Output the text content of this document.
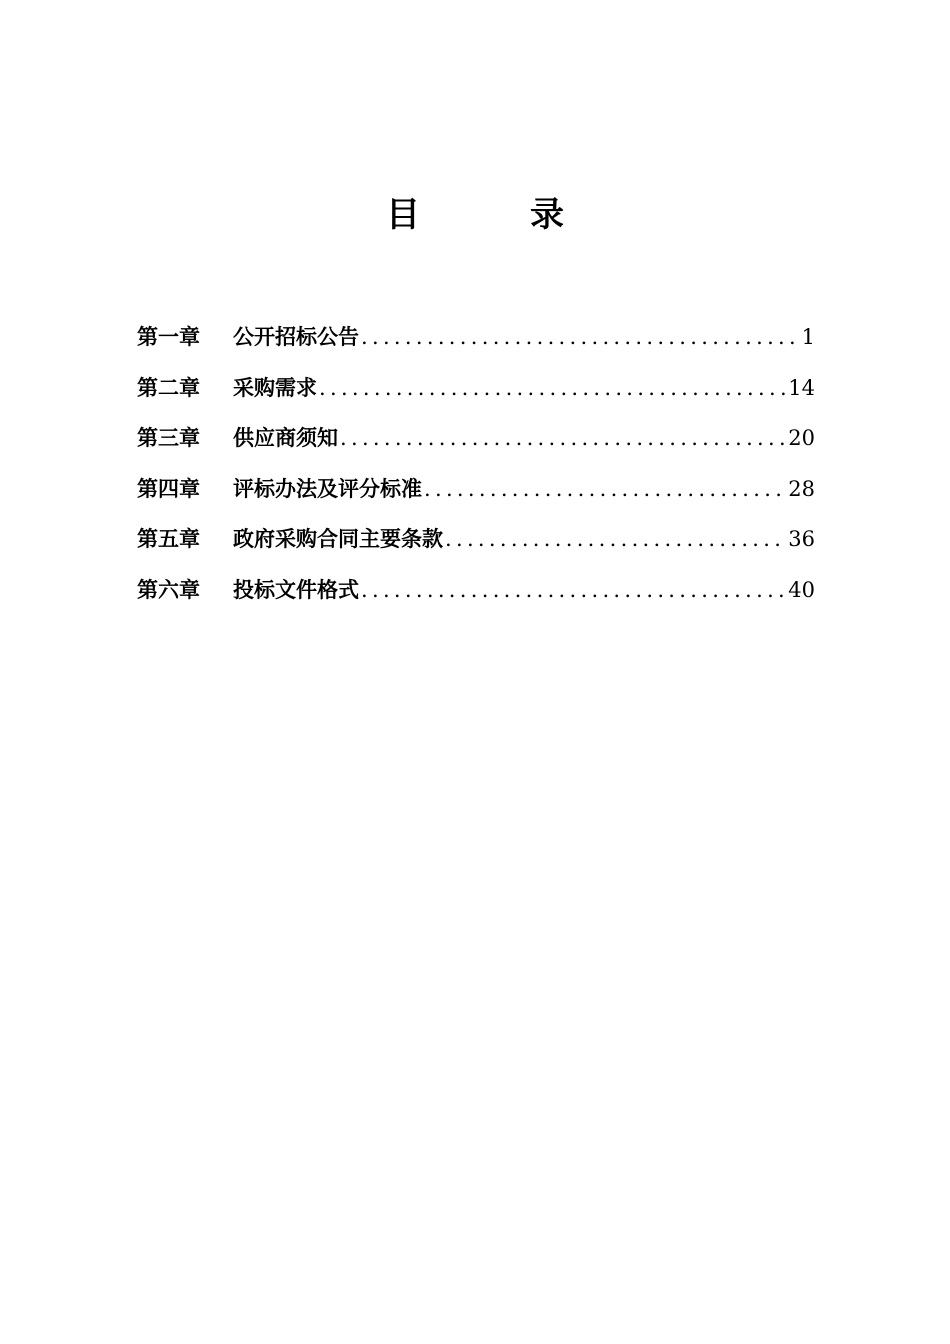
目	录
第一章	公开招标公告 .....	1
第二章	采购需求 .....	14
第三章	供应商须知 .....	20
第四章	评标办法及评分标准 .....	28
第五章	政府采购合同主要条款 .....	36
第六章	投标文件格式 .....	40
